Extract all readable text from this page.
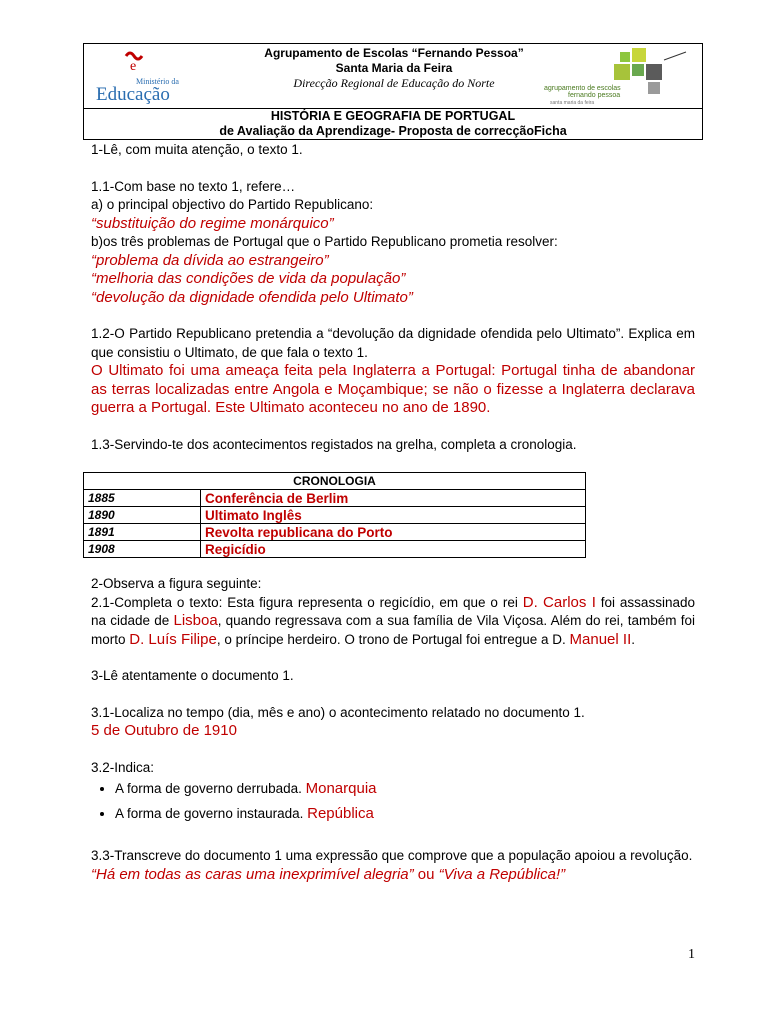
e
Ministério da
Educação
Agrupamento de Escolas “Fernando Pessoa”
Santa Maria da Feira
Direcção Regional de Educação do Norte	agrupamento de escolas
fernando pessoa
santa maria da feira
HISTÓRIA E GEOGRAFIA DE PORTUGAL
de Avaliação da Aprendizage- Proposta de correcçãoFicha

1-Lê, com muita atenção, o texto 1.

1.1-Com base no texto 1, refere…

a) o principal objectivo do Partido Republicano:

“substituição do regime monárquico”

b)os três problemas de Portugal que o Partido Republicano prometia resolver:

“problema da dívida ao estrangeiro”

“melhoria das condições de vida da população”

“devolução da dignidade ofendida pelo Ultimato”

1.2-O Partido Republicano pretendia a “devolução da dignidade ofendida pelo Ultimato”. Explica em que consistiu o Ultimato, de que fala o texto 1.

O Ultimato foi uma ameaça feita pela Inglaterra a Portugal: Portugal tinha de abandonar as terras localizadas entre Angola e Moçambique; se não o fizesse a Inglaterra declarava guerra a Portugal. Este Ultimato aconteceu no ano de 1890.

1.3-Servindo-te dos acontecimentos registados na grelha, completa a cronologia.

CRONOLOGIA	
1885	Conferência de Berlim
1890	Ultimato Inglês
1891	Revolta republicana do Porto
1908	Regicídio

2-Observa a figura seguinte:

2.1-Completa o texto: Esta figura representa o regicídio, em que o rei D. Carlos I foi assassinado na cidade de Lisboa, quando regressava com a sua família de Vila Viçosa. Além do rei, também foi morto D. Luís Filipe, o príncipe herdeiro. O trono de Portugal foi entregue a D. Manuel II.

3-Lê atentamente o documento 1.

3.1-Localiza no tempo (dia, mês e ano) o acontecimento relatado no documento 1.

5 de Outubro de 1910

3.2-Indica:

• A forma de governo derrubada. Monarquia
• A forma de governo instaurada. República

3.3-Transcreve do documento 1 uma expressão que comprove que a população apoiou a revolução.

“Há em todas as caras uma inexprimível alegria” ou “Viva a República!”

1
